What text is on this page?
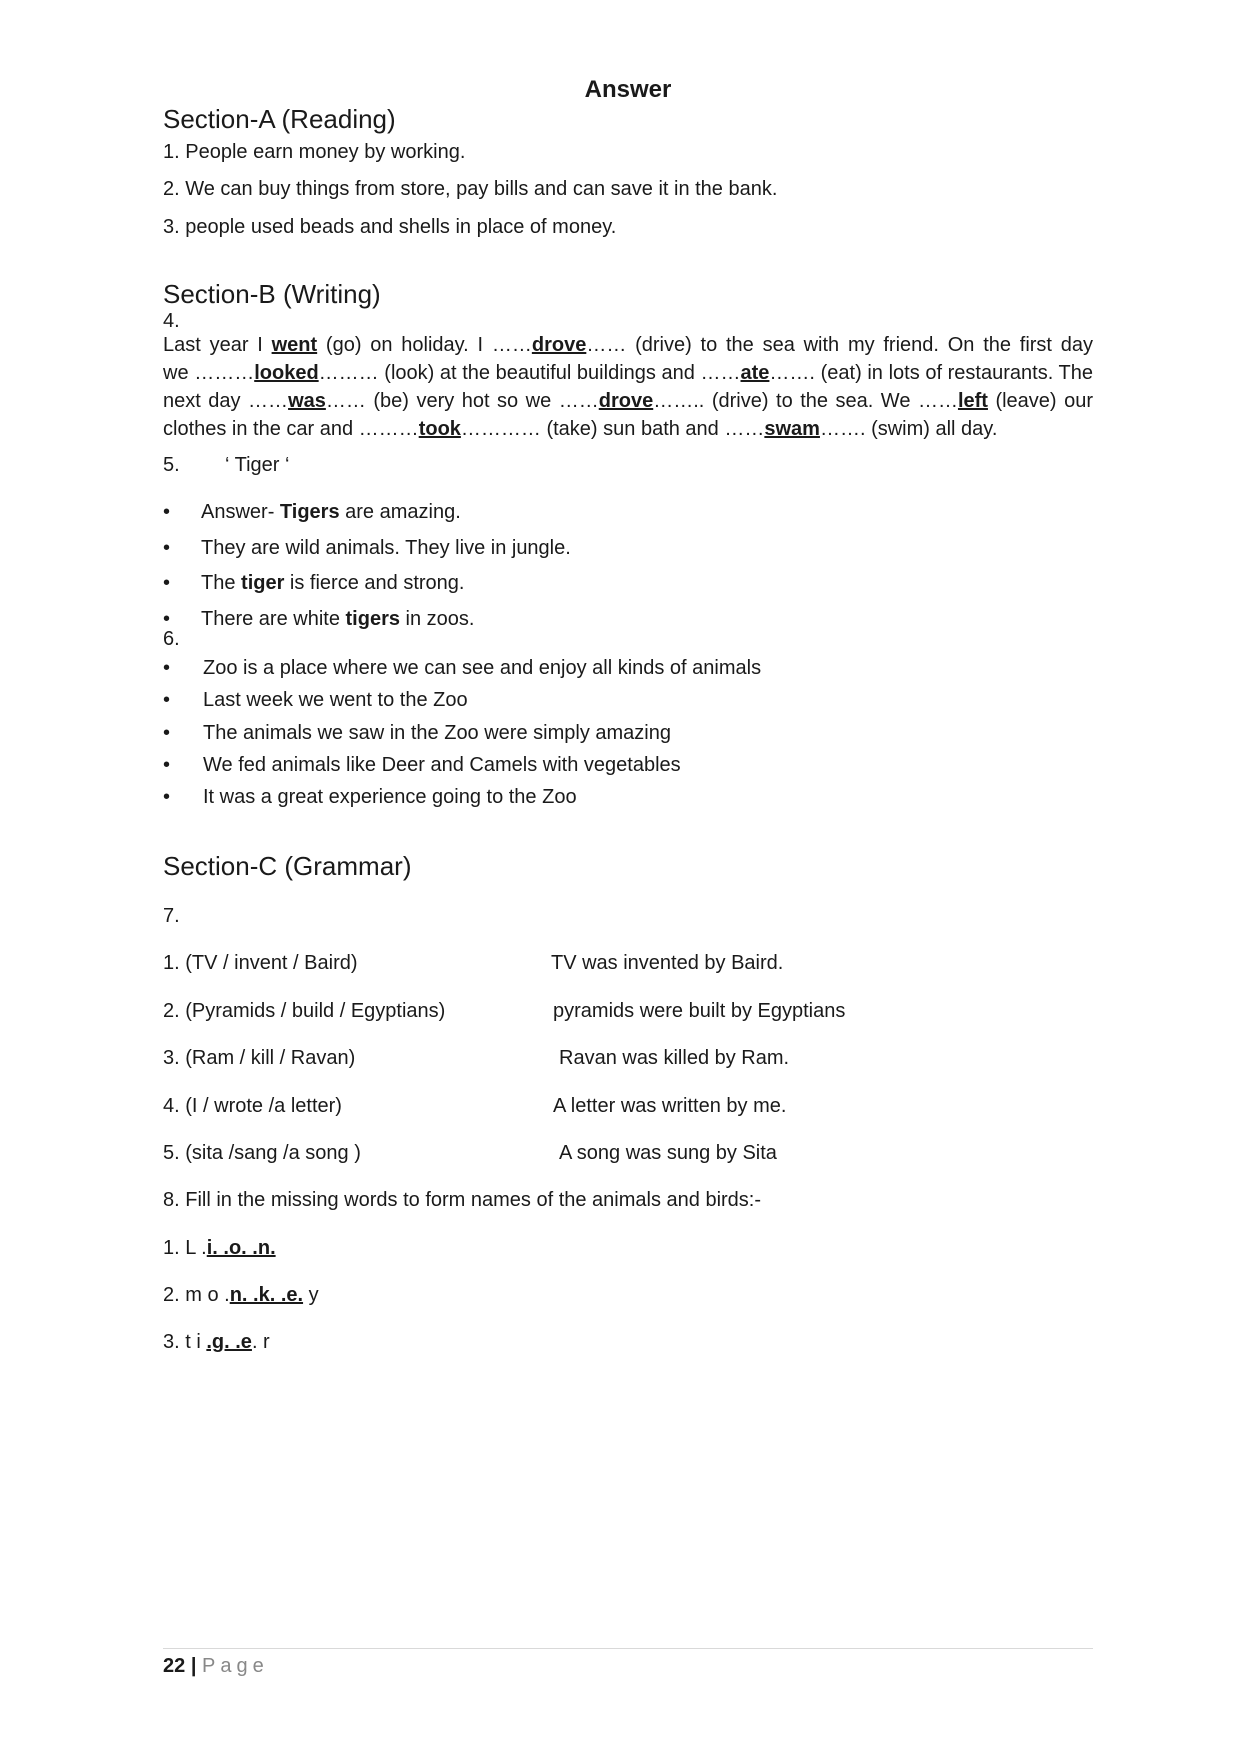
Answer
Section-A (Reading)
1. People earn money by working.
2. We can buy things from store, pay bills and can save it in the bank.
3. people used beads and shells in place of money.
Section-B (Writing)
4.
Last year I went (go) on holiday. I ……drove…… (drive) to the sea with my friend. On the first day
we ………looked……… (look) at the beautiful buildings and ……ate……. (eat) in lots of restaurants. The
next day ……was…… (be) very hot so we ……drove…….. (drive) to the sea. We ……left (leave) our
clothes in the car and ………took………… (take) sun bath and ……swam……. (swim) all day.
5. ‘ Tiger ‘
• Answer- Tigers are amazing.
• They are wild animals. They live in jungle.
• The tiger is fierce and strong.
• There are white tigers in zoos.
6.
• Zoo is a place where we can see and enjoy all kinds of animals
• Last week we went to the Zoo
• The animals we saw in the Zoo were simply amazing
• We fed animals like Deer and Camels with vegetables
• It was a great experience going to the Zoo
Section-C (Grammar)
7.
1. (TV / invent / Baird)	TV was invented by Baird.
2. (Pyramids / build / Egyptians)	pyramids were built by Egyptians
3. (Ram / kill / Ravan)	Ravan was killed by Ram.
4. (I / wrote /a letter)	A letter was written by me.
5. (sita /sang /a song )	A song was sung by Sita
8. Fill in the missing words to form names of the animals and birds:-
1. L .i. .o. .n.
2. m o .n. .k. .e. y
3. t i .g. .e. r
22 | Page
